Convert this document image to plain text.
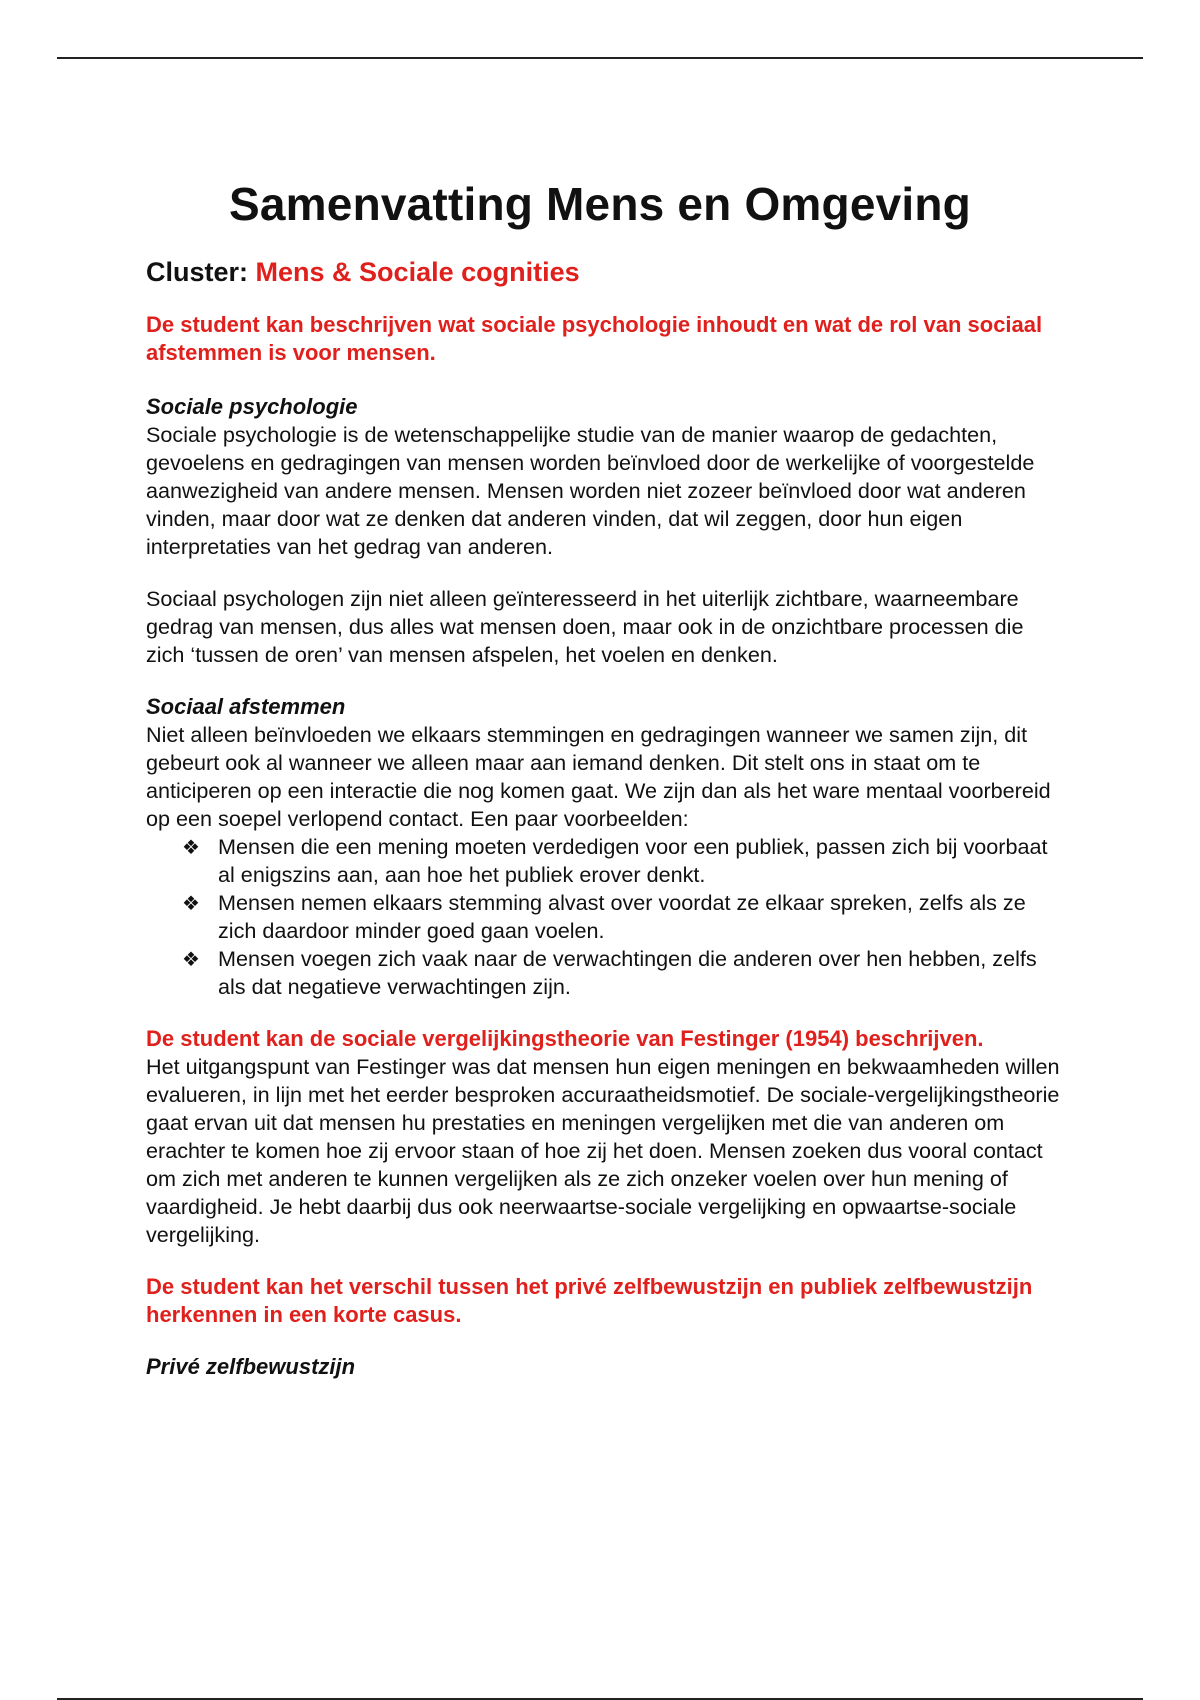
Samenvatting Mens en Omgeving

Cluster: Mens & Sociale cognities

De student kan beschrijven wat sociale psychologie inhoudt en wat de rol van sociaal afstemmen is voor mensen.

Sociale psychologie

Sociale psychologie is de wetenschappelijke studie van de manier waarop de gedachten, gevoelens en gedragingen van mensen worden beïnvloed door de werkelijke of voorgestelde aanwezigheid van andere mensen. Mensen worden niet zozeer beïnvloed door wat anderen vinden, maar door wat ze denken dat anderen vinden, dat wil zeggen, door hun eigen interpretaties van het gedrag van anderen.

Sociaal psychologen zijn niet alleen geïnteresseerd in het uiterlijk zichtbare, waarneembare gedrag van mensen, dus alles wat mensen doen, maar ook in de onzichtbare processen die zich ‘tussen de oren’ van mensen afspelen, het voelen en denken.

Sociaal afstemmen

Niet alleen beïnvloeden we elkaars stemmingen en gedragingen wanneer we samen zijn, dit gebeurt ook al wanneer we alleen maar aan iemand denken. Dit stelt ons in staat om te anticiperen op een interactie die nog komen gaat. We zijn dan als het ware mentaal voorbereid op een soepel verlopend contact. Een paar voorbeelden:

❖ Mensen die een mening moeten verdedigen voor een publiek, passen zich bij voorbaat al enigszins aan, aan hoe het publiek erover denkt.
❖ Mensen nemen elkaars stemming alvast over voordat ze elkaar spreken, zelfs als ze zich daardoor minder goed gaan voelen.
❖ Mensen voegen zich vaak naar de verwachtingen die anderen over hen hebben, zelfs als dat negatieve verwachtingen zijn.

De student kan de sociale vergelijkingstheorie van Festinger (1954) beschrijven.

Het uitgangspunt van Festinger was dat mensen hun eigen meningen en bekwaamheden willen evalueren, in lijn met het eerder besproken accuraatheidsmotief. De sociale-vergelijkingstheorie gaat ervan uit dat mensen hu prestaties en meningen vergelijken met die van anderen om erachter te komen hoe zij ervoor staan of hoe zij het doen. Mensen zoeken dus vooral contact om zich met anderen te kunnen vergelijken als ze zich onzeker voelen over hun mening of vaardigheid. Je hebt daarbij dus ook neerwaartse-sociale vergelijking en opwaartse-sociale vergelijking.

De student kan het verschil tussen het privé zelfbewustzijn en publiek zelfbewustzijn herkennen in een korte casus.

Privé zelfbewustzijn
